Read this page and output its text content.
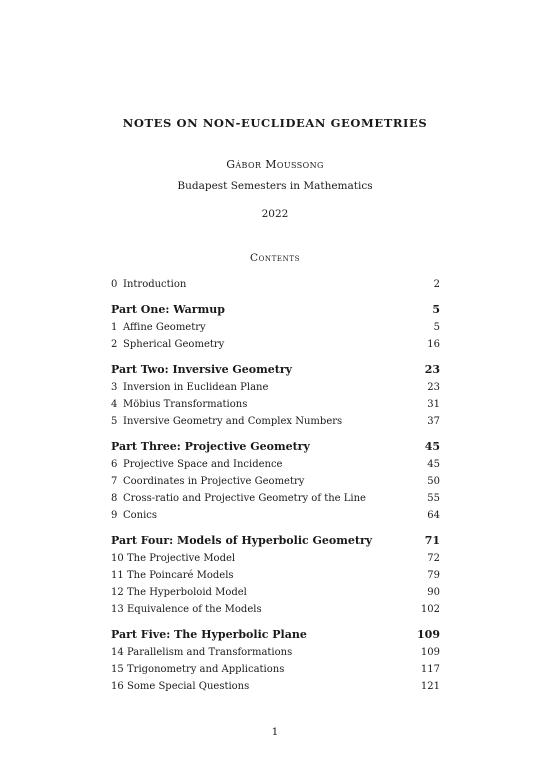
NOTES ON NON-EUCLIDEAN GEOMETRIES
Gábor Moussong
Budapest Semesters in Mathematics
2022
Contents
0 Introduction	2
Part One: Warmup	5
1 Affine Geometry	5
2 Spherical Geometry	16
Part Two: Inversive Geometry	23
3 Inversion in Euclidean Plane	23
4 Möbius Transformations	31
5 Inversive Geometry and Complex Numbers	37
Part Three: Projective Geometry	45
6 Projective Space and Incidence	45
7 Coordinates in Projective Geometry	50
8 Cross-ratio and Projective Geometry of the Line	55
9 Conics	64
Part Four: Models of Hyperbolic Geometry	71
10 The Projective Model	72
11 The Poincaré Models	79
12 The Hyperboloid Model	90
13 Equivalence of the Models	102
Part Five: The Hyperbolic Plane	109
14 Parallelism and Transformations	109
15 Trigonometry and Applications	117
16 Some Special Questions	121
1
